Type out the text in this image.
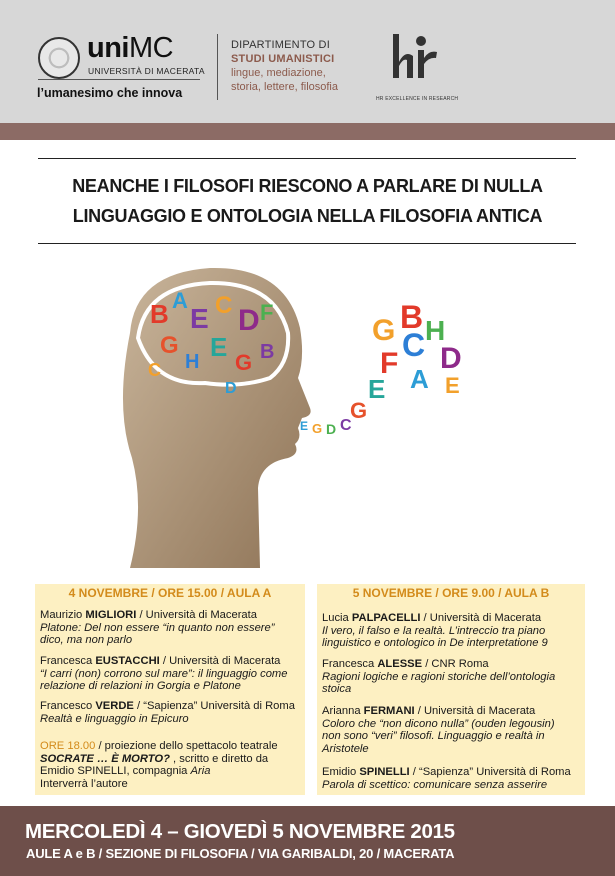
uniMC
UNIVERSITÀ DI MACERATA
l’umanesimo che innova
DIPARTIMENTO DI
STUDI UMANISTICI
lingue, mediazione,
storia, lettere, filosofia
HR EXCELLENCE IN RESEARCH
NEANCHE I FILOSOFI RIESCONO A PARLARE DI NULLA
LINGUAGGIO E ONTOLOGIA NELLA FILOSOFIA ANTICA
B A
E C D F
G
H E
G
C
B
D
E G D C
G
E
F
C
G B H
D
A E
4 NOVEMBRE / ORE 15.00 / AULA A	5 NOVEMBRE / ORE 9.00 / AULA B
Maurizio MIGLIORI / Università di Macerata
Platone: Del non essere “in quanto non essere”
dico, ma non parlo
Francesca EUSTACCHI / Università di Macerata
“I carri (non) corrono sul mare”: il linguaggio come
relazione di relazioni in Gorgia e Platone
Francesco VERDE / “Sapienza” Università di Roma
Realtà e linguaggio in Epicuro
ORE 18.00 / proiezione dello spettacolo teatrale
SOCRATE … È MORTO? , scritto e diretto da
Emidio SPINELLI, compagnia Aria
Interverrà l’autore
Lucia PALPACELLI / Università di Macerata
Il vero, il falso e la realtà. L’intreccio tra piano
linguistico e ontologico in De interpretatione 9
Francesca ALESSE / CNR Roma
Ragioni logiche e ragioni storiche dell’ontologia
stoica
Arianna FERMANI / Università di Macerata
Coloro che “non dicono nulla” (ouden legousin)
non sono “veri” filosofi. Linguaggio e realtà in
Aristotele
Emidio SPINELLI / “Sapienza” Università di Roma
Parola di scettico: comunicare senza asserire
MERCOLEDÌ 4 – GIOVEDÌ 5 NOVEMBRE 2015
AULE A e B / SEZIONE DI FILOSOFIA / VIA GARIBALDI, 20 / MACERATA
